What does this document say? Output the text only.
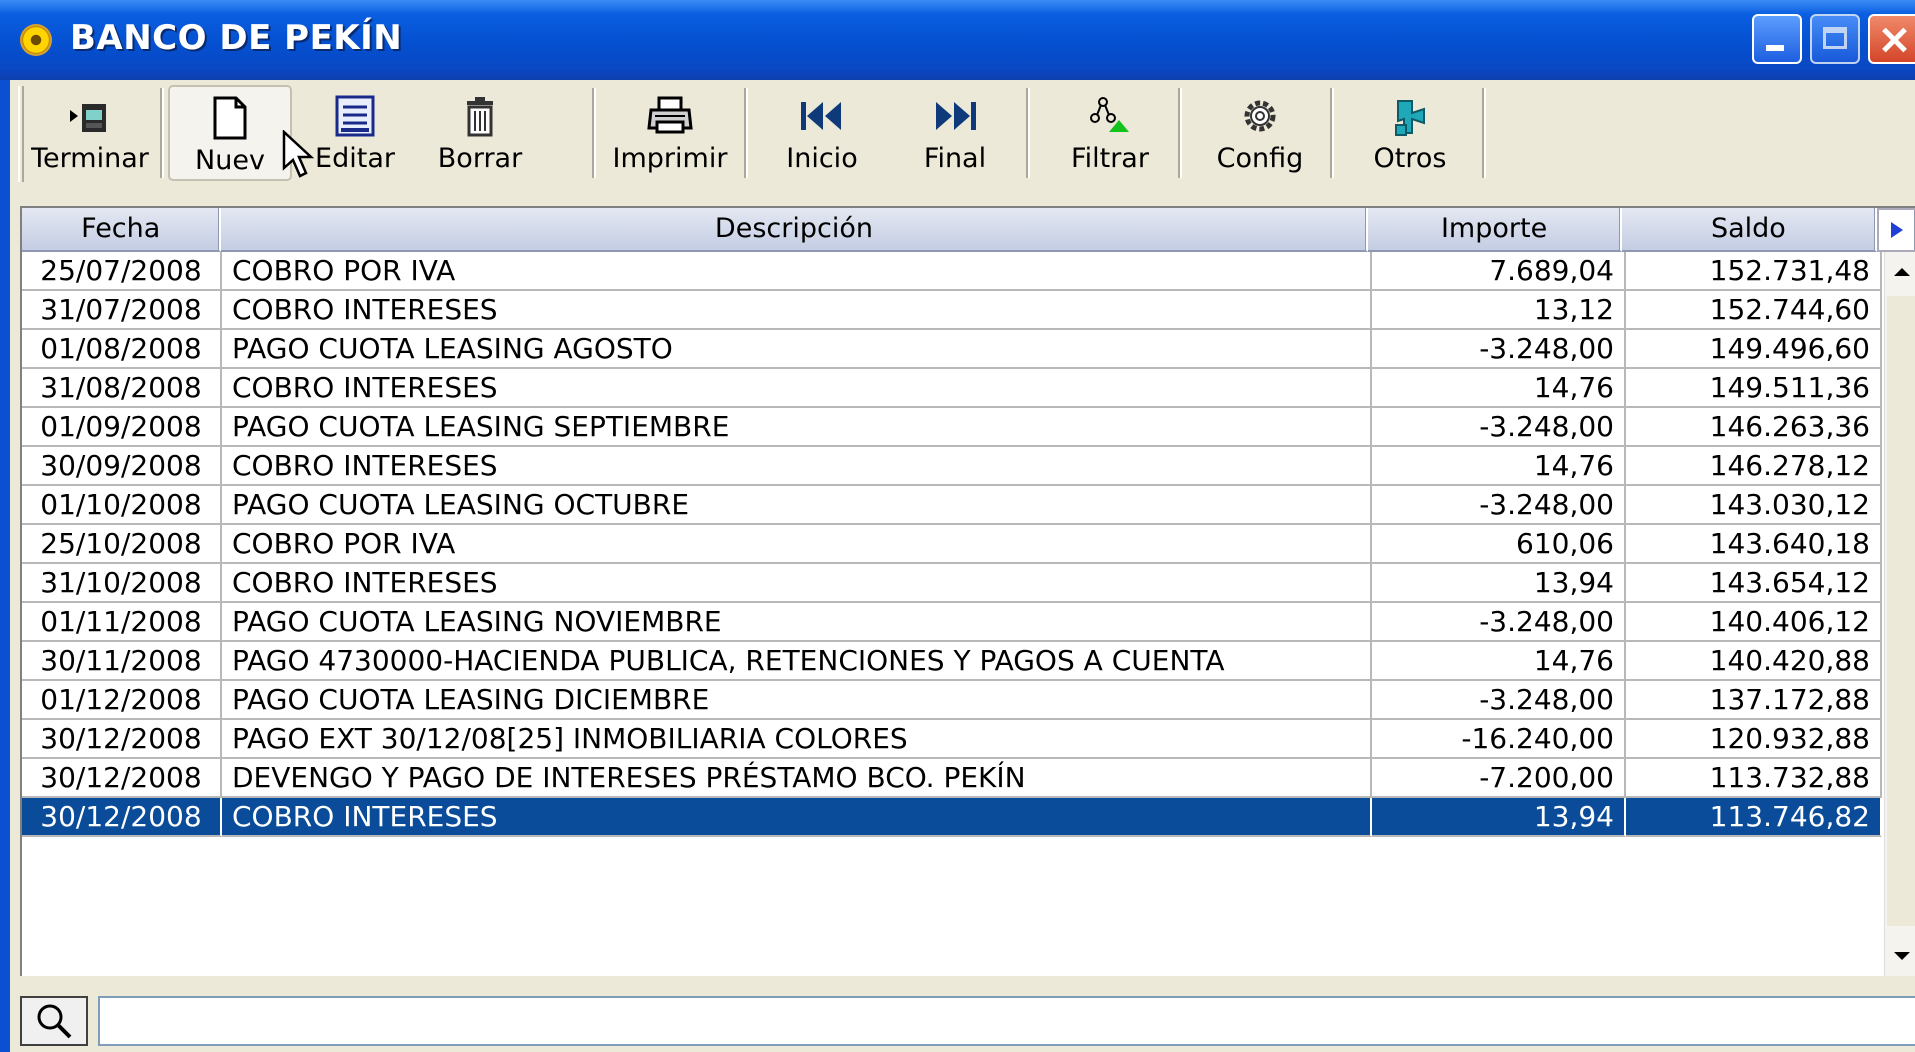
BANCO DE PEKÍN
Terminar Nuev Editar Borrar	Imprimir Inicio Final	Filtrar	Config	Otros
Fecha	Descripción	Importe	Saldo
25/07/2008	COBRO POR IVA	7.689,04	152.731,48
31/07/2008	COBRO INTERESES	13,12	152.744,60
01/08/2008	PAGO CUOTA LEASING AGOSTO	-3.248,00	149.496,60
31/08/2008	COBRO INTERESES	14,76	149.511,36
01/09/2008	PAGO CUOTA LEASING SEPTIEMBRE	-3.248,00	146.263,36
30/09/2008	COBRO INTERESES	14,76	146.278,12
01/10/2008	PAGO CUOTA LEASING OCTUBRE	-3.248,00	143.030,12
25/10/2008	COBRO POR IVA	610,06	143.640,18
31/10/2008	COBRO INTERESES	13,94	143.654,12
01/11/2008	PAGO CUOTA LEASING NOVIEMBRE	-3.248,00	140.406,12
30/11/2008	PAGO 4730000-HACIENDA PUBLICA, RETENCIONES Y PAGOS A CUENTA	14,76	140.420,88
01/12/2008	PAGO CUOTA LEASING DICIEMBRE	-3.248,00	137.172,88
30/12/2008	PAGO EXT 30/12/08[25] INMOBILIARIA COLORES	-16.240,00	120.932,88
30/12/2008	DEVENGO Y PAGO DE INTERESES PRÉSTAMO BCO. PEKÍN	-7.200,00	113.732,88
30/12/2008	COBRO INTERESES	13,94	113.746,82
